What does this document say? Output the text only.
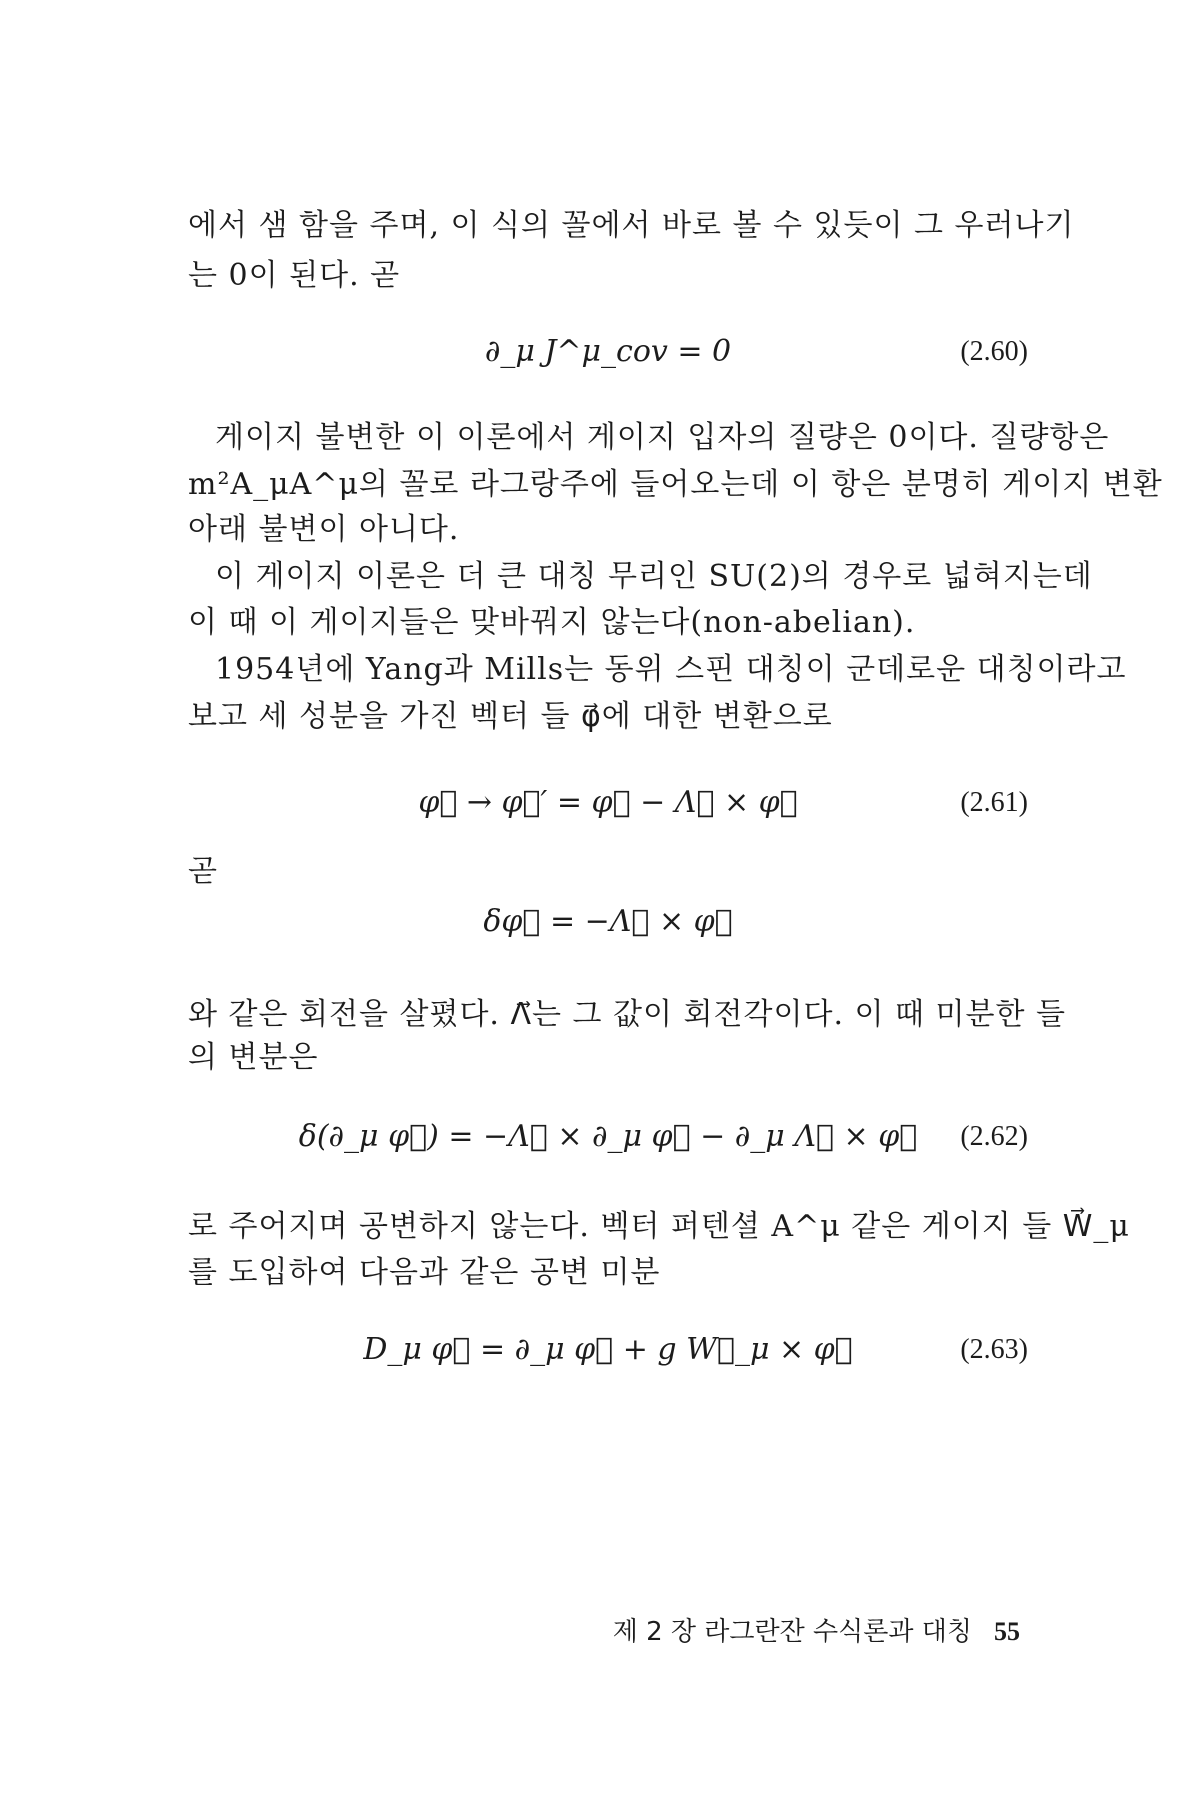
에서 샘 함을 주며, 이 식의 꼴에서 바로 볼 수 있듯이 그 우러나기
는 0이 된다. 곧
∂_μ J^μ_cov = 0	(2.60)
게이지 불변한 이 이론에서 게이지 입자의 질량은 0이다. 질량항은
m²A_μA^μ의 꼴로 라그랑주에 들어오는데 이 항은 분명히 게이지 변환
아래 불변이 아니다.
이 게이지 이론은 더 큰 대칭 무리인 SU(2)의 경우로 넓혀지는데
이 때 이 게이지들은 맞바꿔지 않는다(non-abelian).
1954년에 Yang과 Mills는 동위 스핀 대칭이 군데로운 대칭이라고
보고 세 성분을 가진 벡터 들 φ⃗에 대한 변환으로
φ⃗ → φ⃗′ = φ⃗ − Λ⃗ × φ⃗	(2.61)
곧
δφ⃗ = −Λ⃗ × φ⃗
와 같은 회전을 살폈다. Λ⃗는 그 값이 회전각이다. 이 때 미분한 들
의 변분은
δ(∂_μ φ⃗) = −Λ⃗ × ∂_μ φ⃗ − ∂_μ Λ⃗ × φ⃗	(2.62)
로 주어지며 공변하지 않는다. 벡터 퍼텐셜 A^μ 같은 게이지 들 W⃗_μ
를 도입하여 다음과 같은 공변 미분
D_μ φ⃗ = ∂_μ φ⃗ + g W⃗_μ × φ⃗	(2.63)
제 2 장 라그란잔 수식론과 대칭 55
